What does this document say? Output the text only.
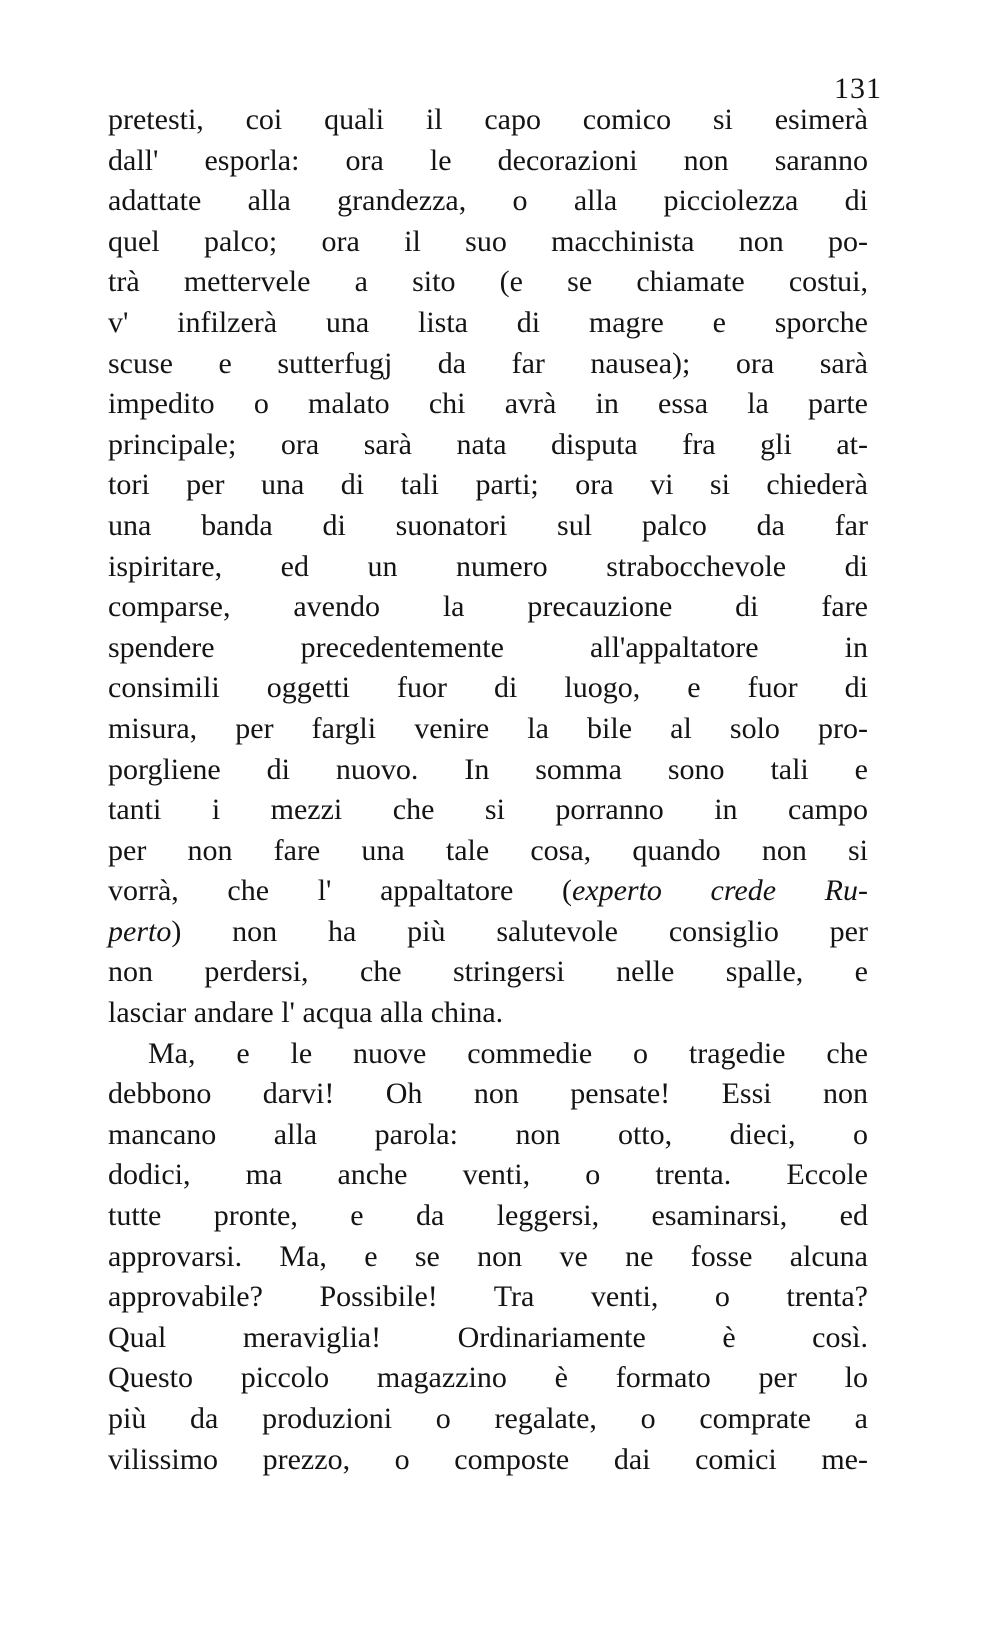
131
pretesti, coi quali il capo comico si esimerà
dall' esporla: ora le decorazioni non saranno
adattate alla grandezza, o alla picciolezza di
quel palco; ora il suo macchinista non po-
trà mettervele a sito (e se chiamate costui,
v' infilzerà una lista di magre e sporche
scuse e sutterfugj da far nausea); ora sarà
impedito o malato chi avrà in essa la parte
principale; ora sarà nata disputa fra gli at-
tori per una di tali parti; ora vi si chiederà
una banda di suonatori sul palco da far
ispiritare, ed un numero strabocchevole di
comparse, avendo la precauzione di fare
spendere precedentemente all'appaltatore in
consimili oggetti fuor di luogo, e fuor di
misura, per fargli venire la bile al solo pro-
porgliene di nuovo. In somma sono tali e
tanti i mezzi che si porranno in campo
per non fare una tale cosa, quando non si
vorrà, che l' appaltatore (experto crede Ru-
perto) non ha più salutevole consiglio per
non perdersi, che stringersi nelle spalle, e
lasciar andare l' acqua alla china.
Ma, e le nuove commedie o tragedie che
debbono darvi! Oh non pensate! Essi non
mancano alla parola: non otto, dieci, o
dodici, ma anche venti, o trenta. Eccole
tutte pronte, e da leggersi, esaminarsi, ed
approvarsi. Ma, e se non ve ne fosse alcuna
approvabile? Possibile! Tra venti, o trenta?
Qual meraviglia! Ordinariamente è così.
Questo piccolo magazzino è formato per lo
più da produzioni o regalate, o comprate a
vilissimo prezzo, o composte dai comici me-
